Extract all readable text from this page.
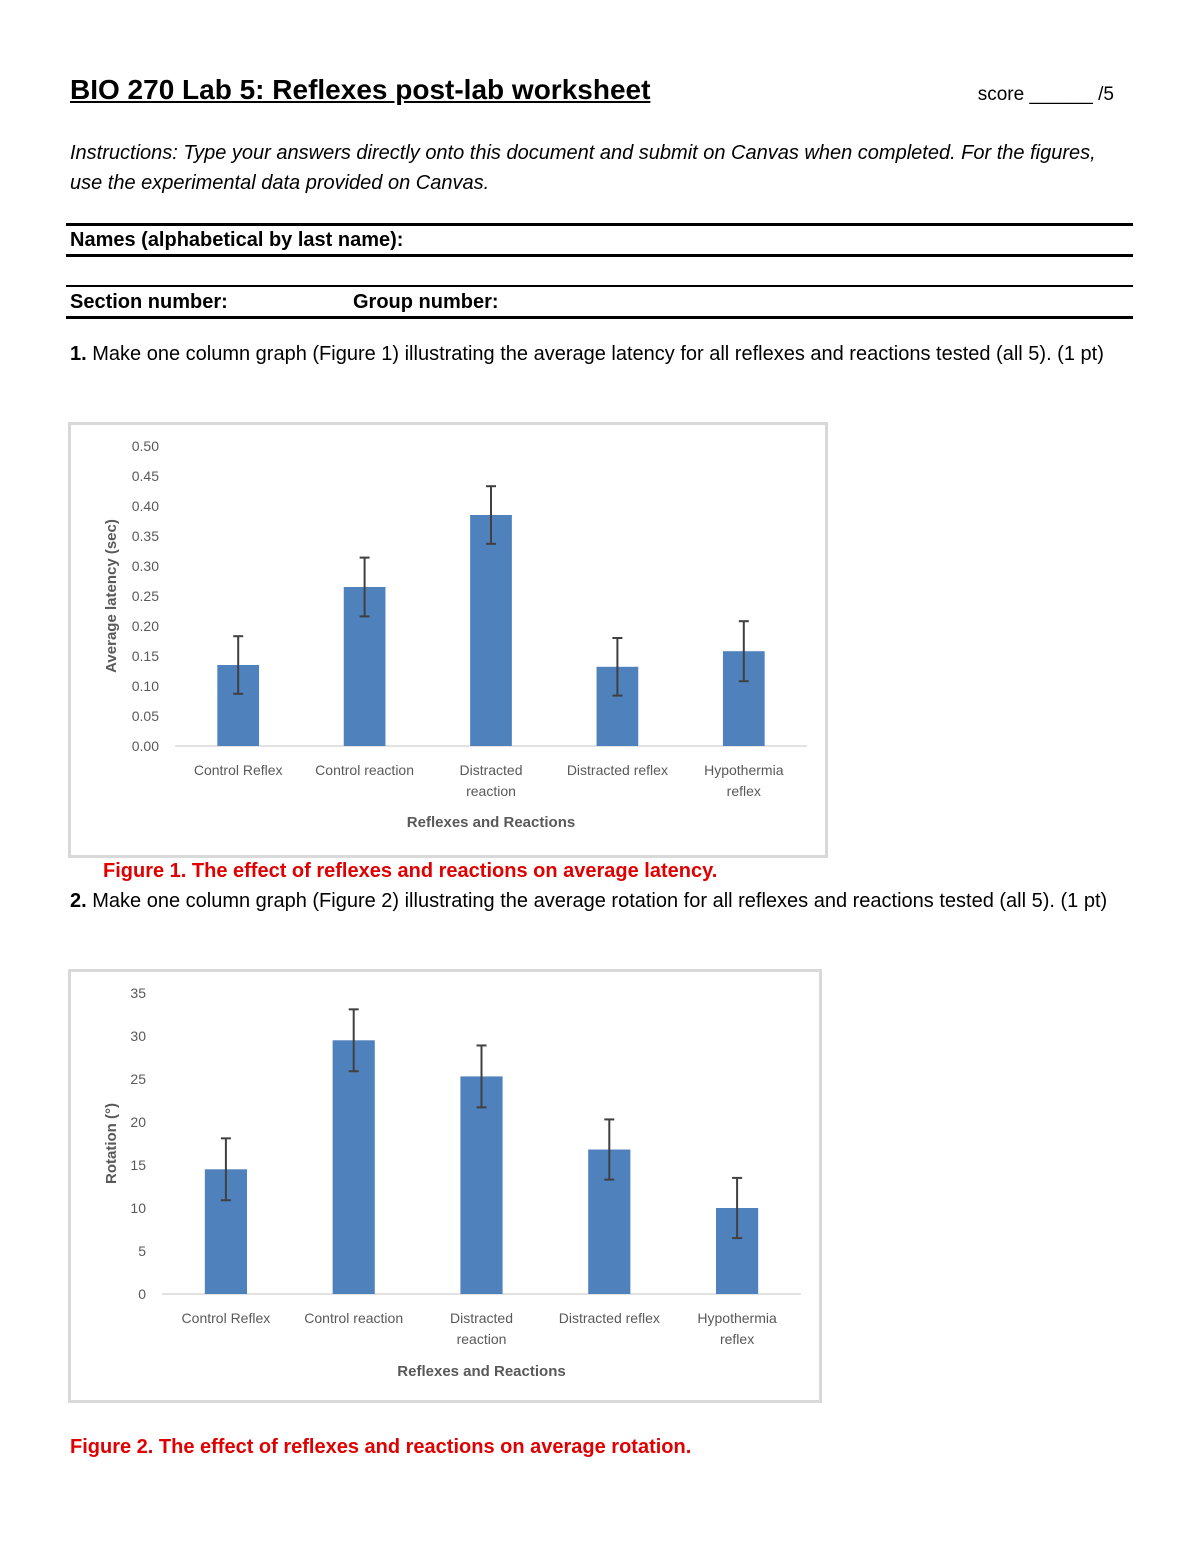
BIO 270 Lab 5: Reflexes post-lab worksheet	score ______ /5
Instructions: Type your answers directly onto this document and submit on Canvas when completed. For the figures, use the experimental data provided on Canvas.
Names (alphabetical by last name):
Section number:	Group number:
1. Make one column graph (Figure 1) illustrating the average latency for all reflexes and reactions tested (all 5). (1 pt)
0.00
0.05
0.10
0.15
0.20
0.25
0.30
0.35
0.40
0.45
0.50
Control Reflex Control reaction	Distracted reaction
Distracted reflex	Hypothermia reflex
Reflexes and Reactions
Average latency (sec)
Figure 1. The effect of reflexes and reactions on average latency.
2. Make one column graph (Figure 2) illustrating the average rotation for all reflexes and reactions tested (all 5). (1 pt)
0
5
10
15
20
25
30
35
Control Reflex Control reaction	Distracted reaction
Distracted reflex	Hypothermia reflex
Reflexes and Reactions
Rotation (°)
Figure 2. The effect of reflexes and reactions on average rotation.
